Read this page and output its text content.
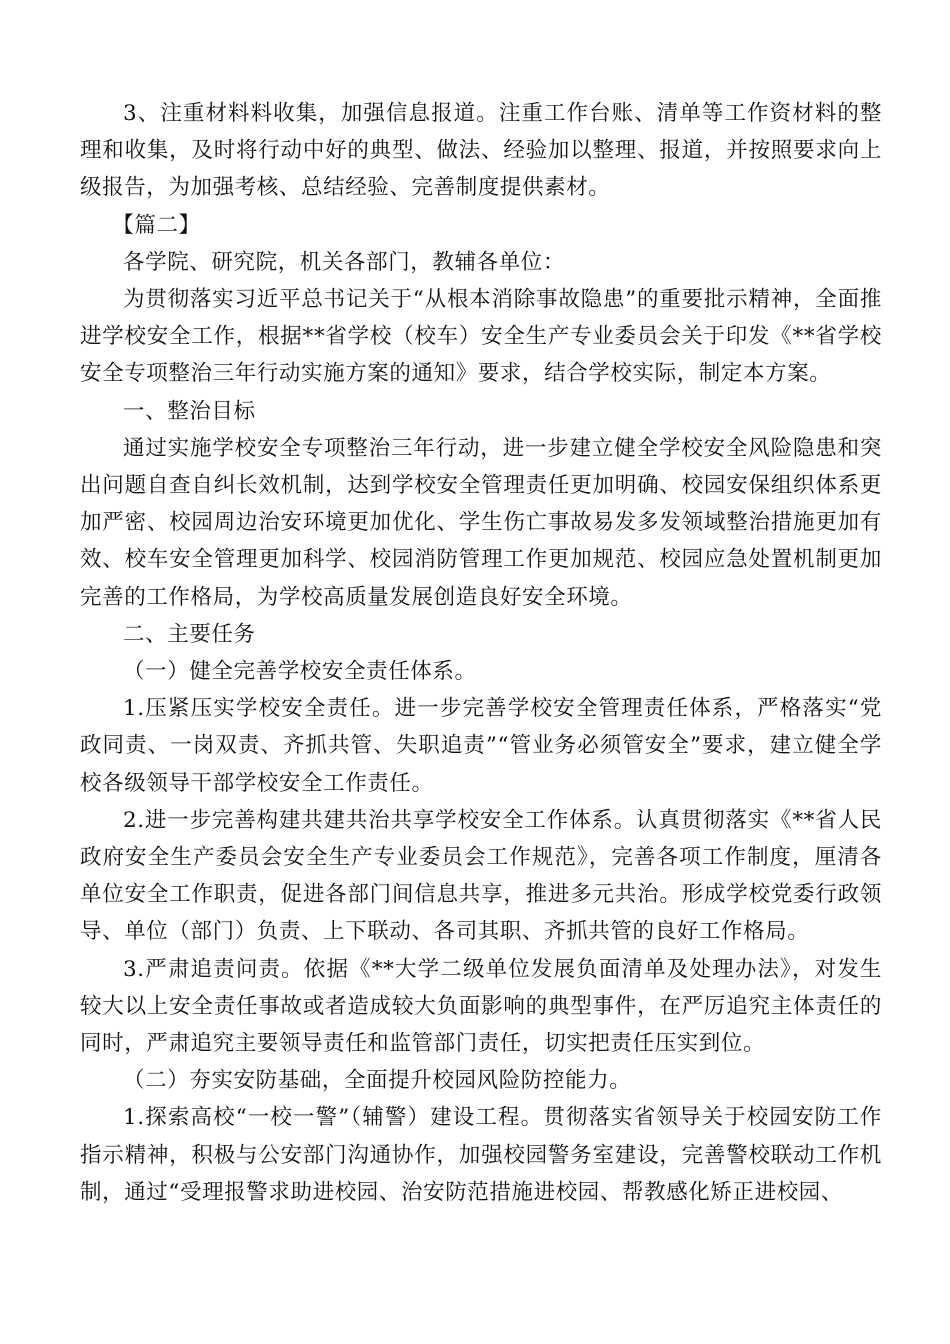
3、注重材料料收集，加强信息报道。注重工作台账、清单等工作资材料的整理和收集，及时将行动中好的典型、做法、经验加以整理、报道，并按照要求向上级报告，为加强考核、总结经验、完善制度提供素材。

【篇二】

各学院、研究院，机关各部门，教辅各单位：

为贯彻落实习近平总书记关于“从根本消除事故隐患”的重要批示精神，全面推进学校安全工作，根据**省学校（校车）安全生产专业委员会关于印发《**省学校安全专项整治三年行动实施方案的通知》要求，结合学校实际，制定本方案。

一、整治目标

通过实施学校安全专项整治三年行动，进一步建立健全学校安全风险隐患和突出问题自查自纠长效机制，达到学校安全管理责任更加明确、校园安保组织体系更加严密、校园周边治安环境更加优化、学生伤亡事故易发多发领域整治措施更加有效、校车安全管理更加科学、校园消防管理工作更加规范、校园应急处置机制更加完善的工作格局，为学校高质量发展创造良好安全环境。

二、主要任务

（一）健全完善学校安全责任体系。

1.压紧压实学校安全责任。进一步完善学校安全管理责任体系，严格落实“党政同责、一岗双责、齐抓共管、失职追责”“管业务必须管安全”要求，建立健全学校各级领导干部学校安全工作责任。

2.进一步完善构建共建共治共享学校安全工作体系。认真贯彻落实《**省人民政府安全生产委员会安全生产专业委员会工作规范》，完善各项工作制度，厘清各单位安全工作职责，促进各部门间信息共享，推进多元共治。形成学校党委行政领导、单位（部门）负责、上下联动、各司其职、齐抓共管的良好工作格局。

3.严肃追责问责。依据《**大学二级单位发展负面清单及处理办法》，对发生较大以上安全责任事故或者造成较大负面影响的典型事件，在严厉追究主体责任的同时，严肃追究主要领导责任和监管部门责任，切实把责任压实到位。

（二）夯实安防基础，全面提升校园风险防控能力。

1.探索高校“一校一警”（辅警）建设工程。贯彻落实省领导关于校园安防工作指示精神，积极与公安部门沟通协作，加强校园警务室建设，完善警校联动工作机制，通过“受理报警求助进校园、治安防范措施进校园、帮教感化矫正进校园、
